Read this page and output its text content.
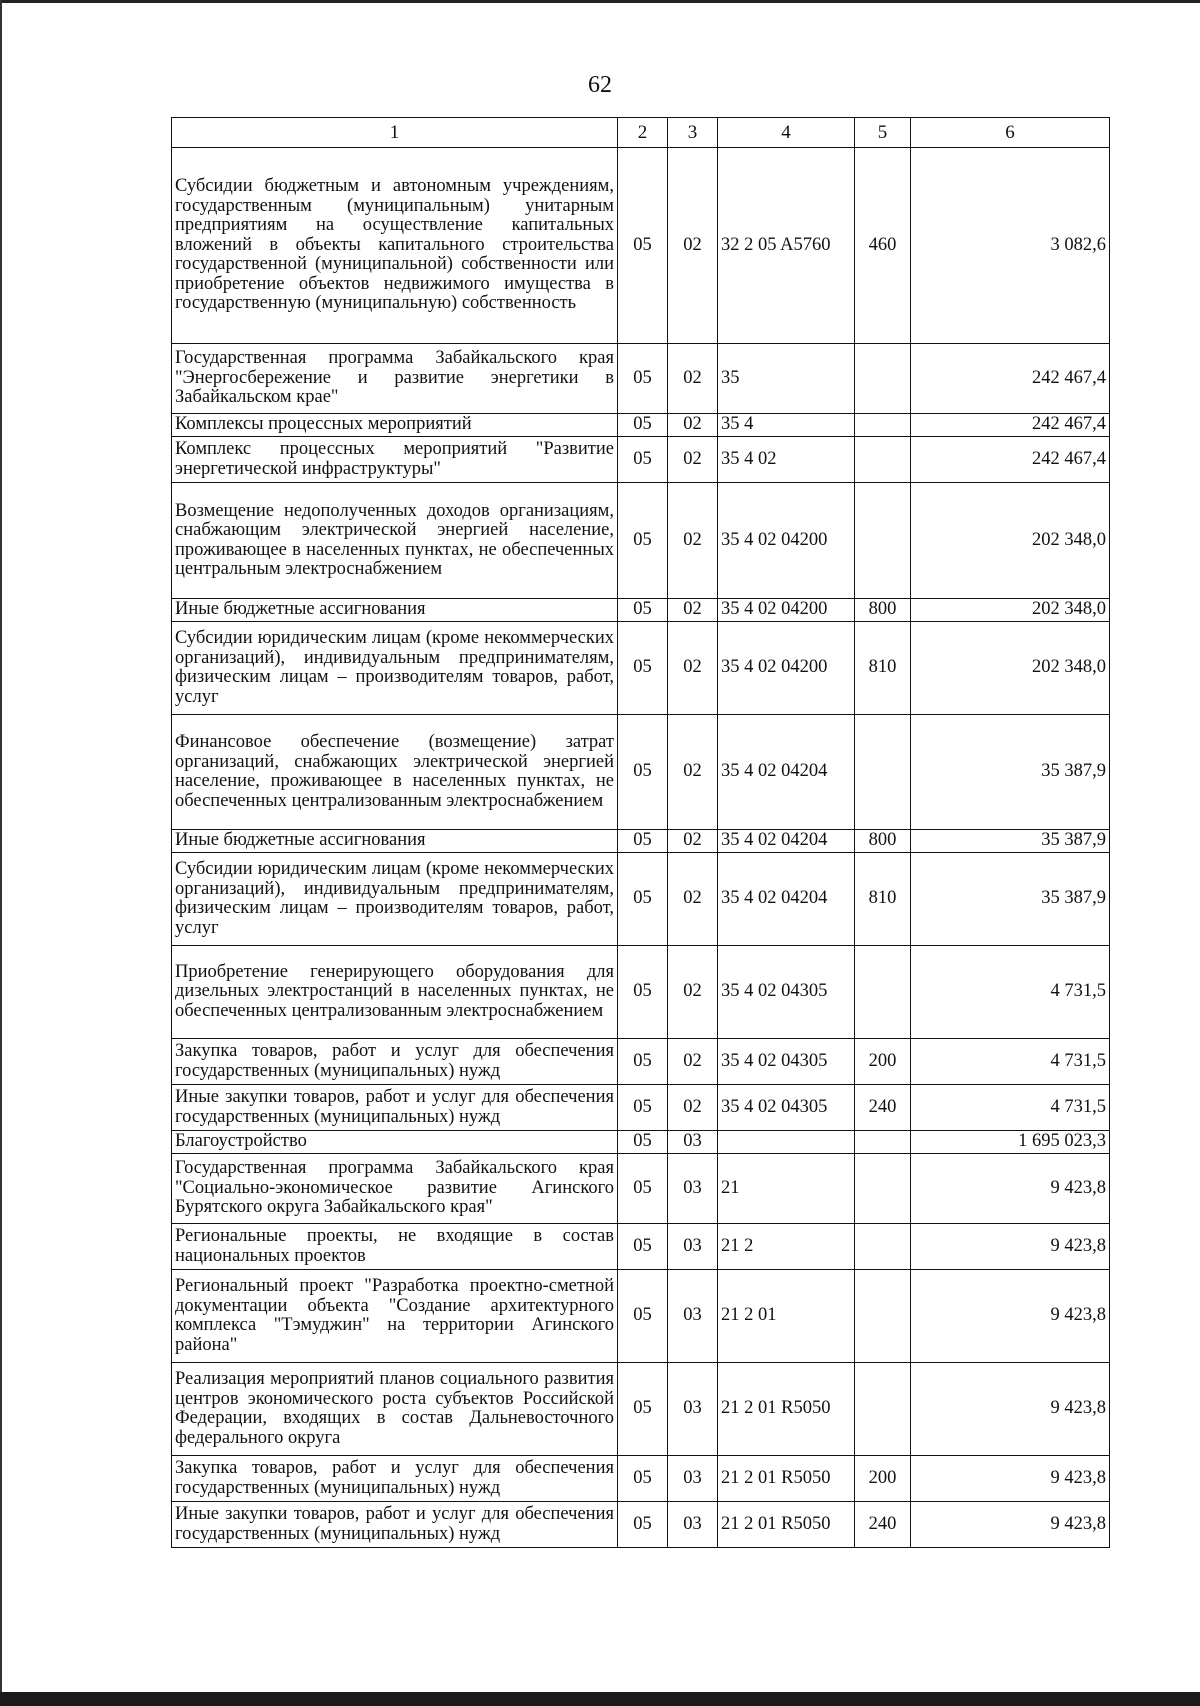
62
1	2	3	4	5	6
Субсидии бюджетным и автономным учреждениям, государственным (муниципальным) унитарным предприятиям на осуществление капитальных вложений в объекты капитального строительства государственной (муниципальной) собственности или приобретение объектов недвижимого имущества в государственную (муниципальную) собственность	05	02	32 2 05 A5760	460	3 082,6
Государственная программа Забайкальского края "Энергосбережение и развитие энергетики в Забайкальском крае"	05	02	35		242 467,4
Комплексы процессных мероприятий	05	02	35 4		242 467,4
Комплекс процессных мероприятий "Развитие энергетической инфраструктуры"	05	02	35 4 02		242 467,4
Возмещение недополученных доходов организациям, снабжающим электрической энергией население, проживающее в населенных пунктах, не обеспеченных центральным электроснабжением	05	02	35 4 02 04200		202 348,0
Иные бюджетные ассигнования	05	02	35 4 02 04200	800	202 348,0
Субсидии юридическим лицам (кроме некоммерческих организаций), индивидуальным предпринимателям, физическим лицам – производителям товаров, работ, услуг	05	02	35 4 02 04200	810	202 348,0
Финансовое обеспечение (возмещение) затрат организаций, снабжающих электрической энергией население, проживающее в населенных пунктах, не обеспеченных централизованным электроснабжением	05	02	35 4 02 04204		35 387,9
Иные бюджетные ассигнования	05	02	35 4 02 04204	800	35 387,9
Субсидии юридическим лицам (кроме некоммерческих организаций), индивидуальным предпринимателям, физическим лицам – производителям товаров, работ, услуг	05	02	35 4 02 04204	810	35 387,9
Приобретение генерирующего оборудования для дизельных электростанций в населенных пунктах, не обеспеченных централизованным электроснабжением	05	02	35 4 02 04305		4 731,5
Закупка товаров, работ и услуг для обеспечения государственных (муниципальных) нужд	05	02	35 4 02 04305	200	4 731,5
Иные закупки товаров, работ и услуг для обеспечения государственных (муниципальных) нужд	05	02	35 4 02 04305	240	4 731,5
Благоустройство	05	03			1 695 023,3
Государственная программа Забайкальского края "Социально-экономическое развитие Агинского Бурятского округа Забайкальского края"	05	03	21		9 423,8
Региональные проекты, не входящие в состав национальных проектов	05	03	21 2		9 423,8
Региональный проект "Разработка проектно-сметной документации объекта "Создание архитектурного комплекса "Тэмуджин" на территории Агинского района"	05	03	21 2 01		9 423,8
Реализация мероприятий планов социального развития центров экономического роста субъектов Российской Федерации, входящих в состав Дальневосточного федерального округа	05	03	21 2 01 R5050		9 423,8
Закупка товаров, работ и услуг для обеспечения государственных (муниципальных) нужд	05	03	21 2 01 R5050	200	9 423,8
Иные закупки товаров, работ и услуг для обеспечения государственных (муниципальных) нужд	05	03	21 2 01 R5050	240	9 423,8
